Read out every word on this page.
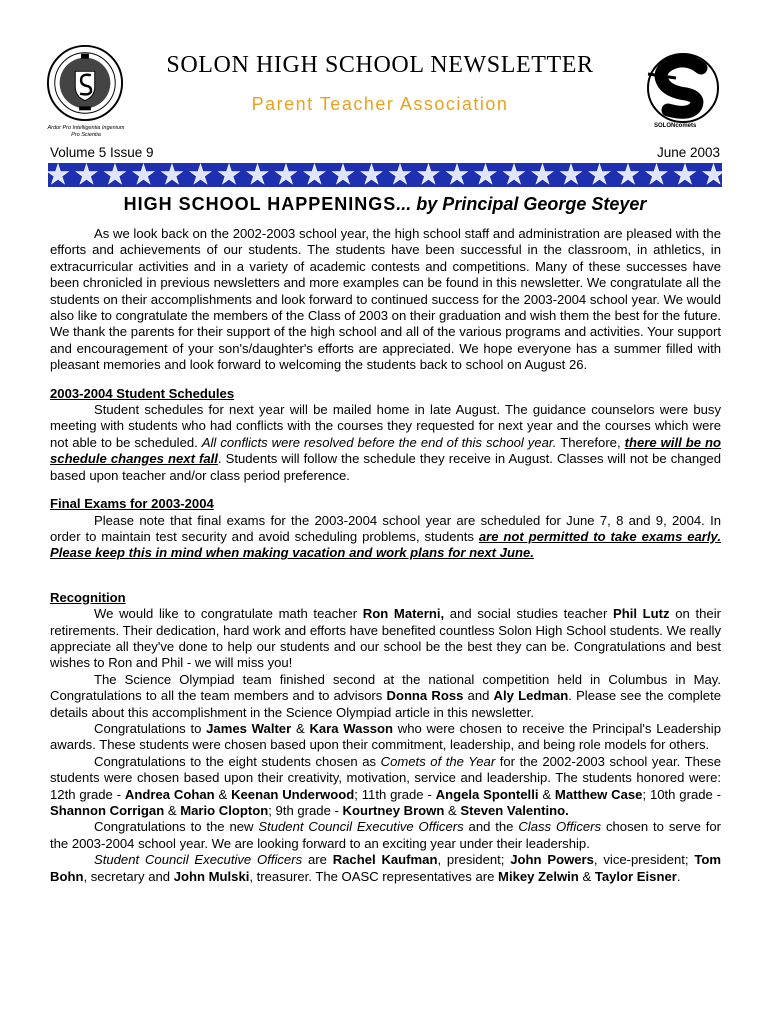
Ardor Pro Intelligentia Ingenium Pro Scientia
SOLON HIGH SCHOOL NEWSLETTER
Parent Teacher Association
SOLONcomets
Volume 5 Issue 9	June 2003
HIGH SCHOOL HAPPENINGS... by Principal George Steyer

As we look back on the 2002-2003 school year, the high school staff and administration are pleased with the efforts and achievements of our students. The students have been successful in the classroom, in athletics, in extracurricular activities and in a variety of academic contests and competitions. Many of these successes have been chronicled in previous newsletters and more examples can be found in this newsletter. We congratulate all the students on their accomplishments and look forward to continued success for the 2003-2004 school year. We would also like to congratulate the members of the Class of 2003 on their graduation and wish them the best for the future. We thank the parents for their support of the high school and all of the various programs and activities. Your support and encouragement of your son's/daughter's efforts are appreciated. We hope everyone has a summer filled with pleasant memories and look forward to welcoming the students back to school on August 26.

2003-2004 Student Schedules

Student schedules for next year will be mailed home in late August. The guidance counselors were busy meeting with students who had conflicts with the courses they requested for next year and the courses which were not able to be scheduled. All conflicts were resolved before the end of this school year. Therefore, there will be no schedule changes next fall. Students will follow the schedule they receive in August. Classes will not be changed based upon teacher and/or class period preference.

Final Exams for 2003-2004

Please note that final exams for the 2003-2004 school year are scheduled for June 7, 8 and 9, 2004. In order to maintain test security and avoid scheduling problems, students are not permitted to take exams early. Please keep this in mind when making vacation and work plans for next June.

Recognition

We would like to congratulate math teacher Ron Materni, and social studies teacher Phil Lutz on their retirements. Their dedication, hard work and efforts have benefited countless Solon High School students. We really appreciate all they've done to help our students and our school be the best they can be. Congratulations and best wishes to Ron and Phil - we will miss you!

The Science Olympiad team finished second at the national competition held in Columbus in May. Congratulations to all the team members and to advisors Donna Ross and Aly Ledman. Please see the complete details about this accomplishment in the Science Olympiad article in this newsletter.

Congratulations to James Walter & Kara Wasson who were chosen to receive the Principal's Leadership awards. These students were chosen based upon their commitment, leadership, and being role models for others.

Congratulations to the eight students chosen as Comets of the Year for the 2002-2003 school year. These students were chosen based upon their creativity, motivation, service and leadership. The students honored were: 12th grade - Andrea Cohan & Keenan Underwood; 11th grade - Angela Spontelli & Matthew Case; 10th grade - Shannon Corrigan & Mario Clopton; 9th grade - Kourtney Brown & Steven Valentino.

Congratulations to the new Student Council Executive Officers and the Class Officers chosen to serve for the 2003-2004 school year. We are looking forward to an exciting year under their leadership.

Student Council Executive Officers are Rachel Kaufman, president; John Powers, vice-president; Tom Bohn, secretary and John Mulski, treasurer. The OASC representatives are Mikey Zelwin & Taylor Eisner.
